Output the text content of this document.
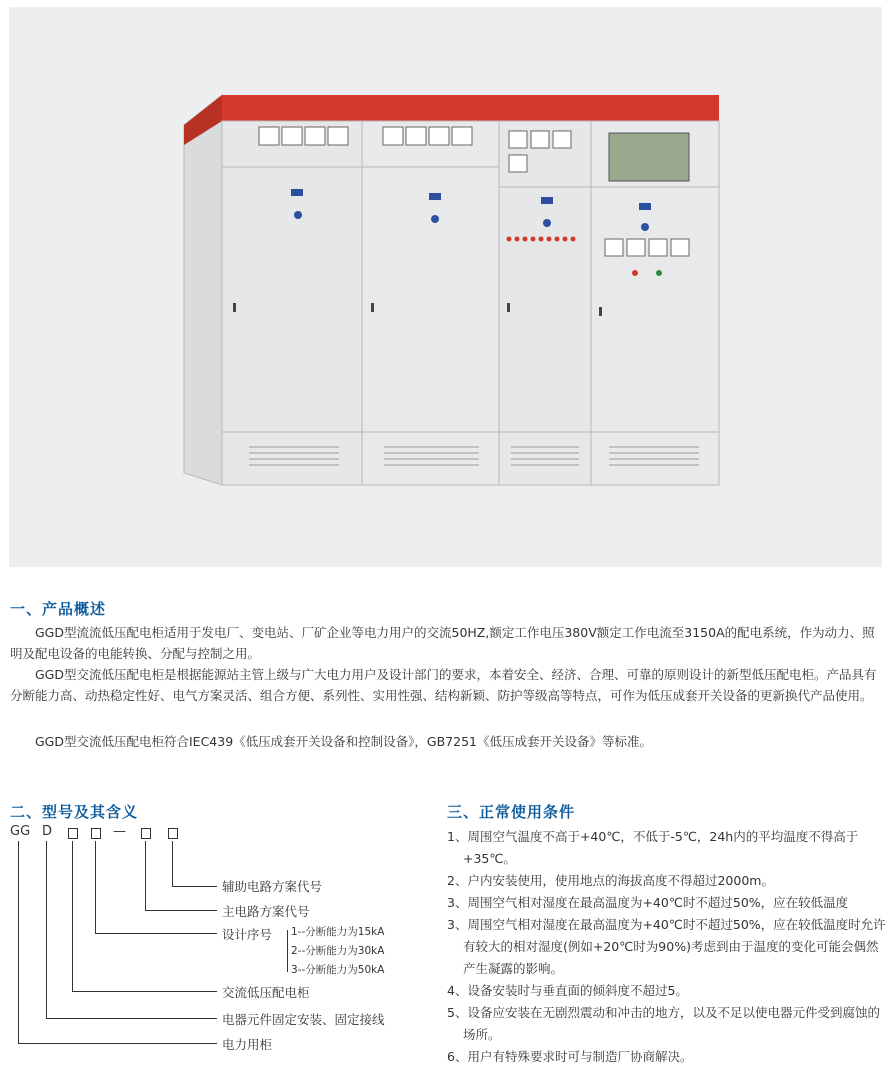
一、产品概述

GGD型流流低压配电柜适用于发电厂、变电站、厂矿企业等电力用户的交流50HZ,额定工作电压380V额定工作电流至3150A的配电系统，作为动力、照明及配电设备的电能转换、分配与控制之用。

GGD型交流低压配电柜是根据能源站主管上级与广大电力用户及设计部门的要求，本着安全、经济、合理、可靠的原则设计的新型低压配电柜。产品具有分断能力高、动热稳定性好、电气方案灵活、组合方便、系列性、实用性强、结构新颖、防护等级高等特点，可作为低压成套开关设备的更新换代产品使用。

GGD型交流低压配电柜符合IEC439《低压成套开关设备和控制设备》，GB7251《低压成套开关设备》等标准。

二、型号及其含义
GG D	—
辅助电路方案代号
主电路方案代号
设计序号 1--分断能力为15kA
2--分断能力为30kA
3--分断能力为50kA
交流低压配电柜
电器元件固定安装、固定接线
电力用柜
三、正常使用条件
1、周围空气温度不高于+40℃，不低于-5℃，24h内的平均温度不得高于+35℃。
2、户内安装使用，使用地点的海拔高度不得超过2000m。
3、周围空气相对湿度在最高温度为+40℃时不超过50%，应在较低温度
3、周围空气相对湿度在最高温度为+40℃时不超过50%，应在较低温度时允许有较大的相对湿度(例如+20℃时为90%)考虑到由于温度的变化可能会偶然产生凝露的影响。
4、设备安装时与垂直面的倾斜度不超过5。
5、设备应安装在无剧烈震动和冲击的地方，以及不足以使电器元件受到腐蚀的场所。
6、用户有特殊要求时可与制造厂协商解决。
